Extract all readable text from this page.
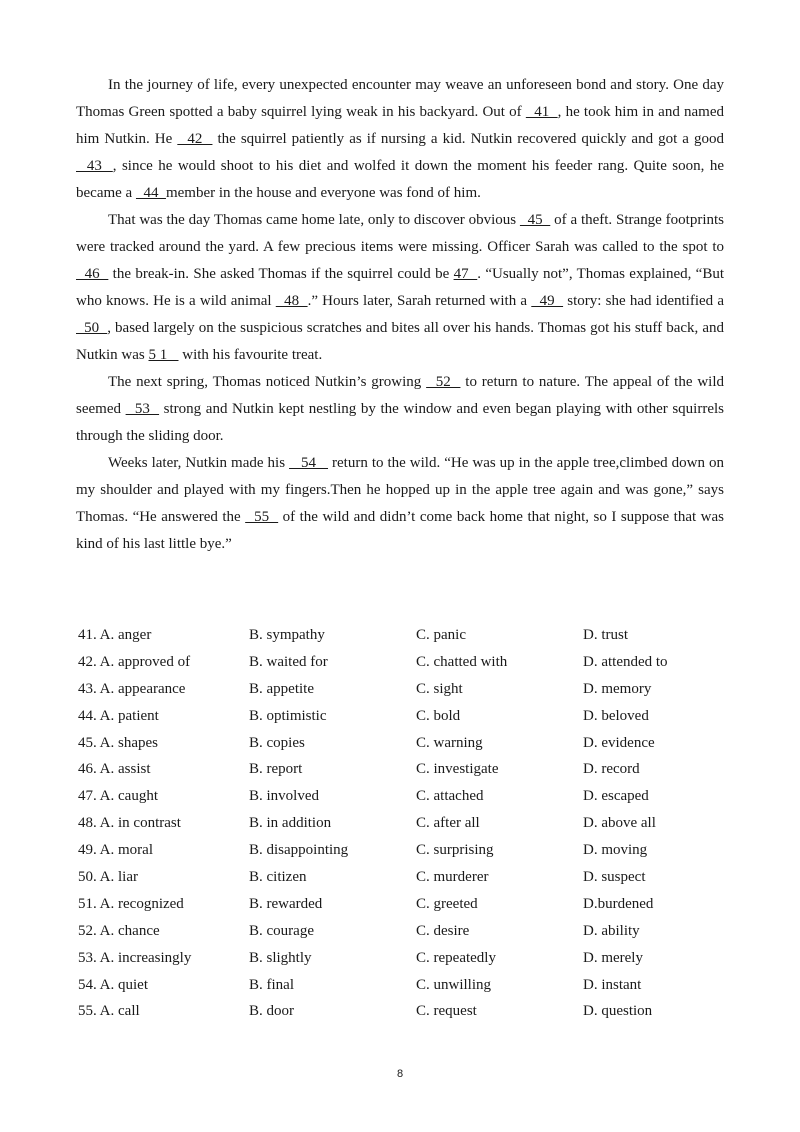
In the journey of life, every unexpected encounter may weave an unforeseen bond and story. One day Thomas Green spotted a baby squirrel lying weak in his backyard. Out of   41  , he took him in and named him Nutkin. He   42   the squirrel patiently as if nursing a kid. Nutkin recovered quickly and got a good   43  , since he would shoot to his diet and wolfed it down the moment his feeder rang. Quite soon, he became a   44  member in the house and everyone was fond of him.

That was the day Thomas came home late, only to discover obvious   45   of a theft. Strange footprints were tracked around the yard. A few precious items were missing. Officer Sarah was called to the spot to   46   the break-in. She asked Thomas if the squirrel could be 47  . “Usually not”, Thomas explained, “But who knows. He is a wild animal   48  .” Hours later, Sarah returned with a   49   story: she had identified a   50  , based largely on the suspicious scratches and bites all over his hands. Thomas got his stuff back, and Nutkin was 5 1    with his favourite treat.

The next spring, Thomas noticed Nutkin’s growing   52   to return to nature. The appeal of the wild seemed   53   strong and Nutkin kept nestling by the window and even began playing with other squirrels through the sliding door.

Weeks later, Nutkin made his    54    return to the wild. “He was up in the apple tree,climbed down on my shoulder and played with my fingers.Then he hopped up in the apple tree again and was gone,” says Thomas. “He answered the   55   of the wild and didn’t come back home that night, so I suppose that was kind of his last little bye.”

41. A. anger	B. sympathy	C. panic	D. trust
42. A. approved of	B. waited for	C. chatted with	D. attended to
43. A. appearance	B. appetite	C. sight	D. memory
44. A. patient	B. optimistic	C. bold	D. beloved
45. A. shapes	B. copies	C. warning	D. evidence
46. A. assist	B. report	C. investigate	D. record
47. A. caught	B. involved	C. attached	D. escaped
48. A. in contrast	B. in addition	C. after all	D. above all
49. A. moral	B. disappointing	C. surprising	D. moving
50. A. liar	B. citizen	C. murderer	D. suspect
51. A. recognized	B. rewarded	C. greeted	D.burdened
52. A. chance	B. courage	C. desire	D. ability
53. A. increasingly	B. slightly	C. repeatedly	D. merely
54. A. quiet	B. final	C. unwilling	D. instant
55. A. call	B. door	C. request	D. question
8
